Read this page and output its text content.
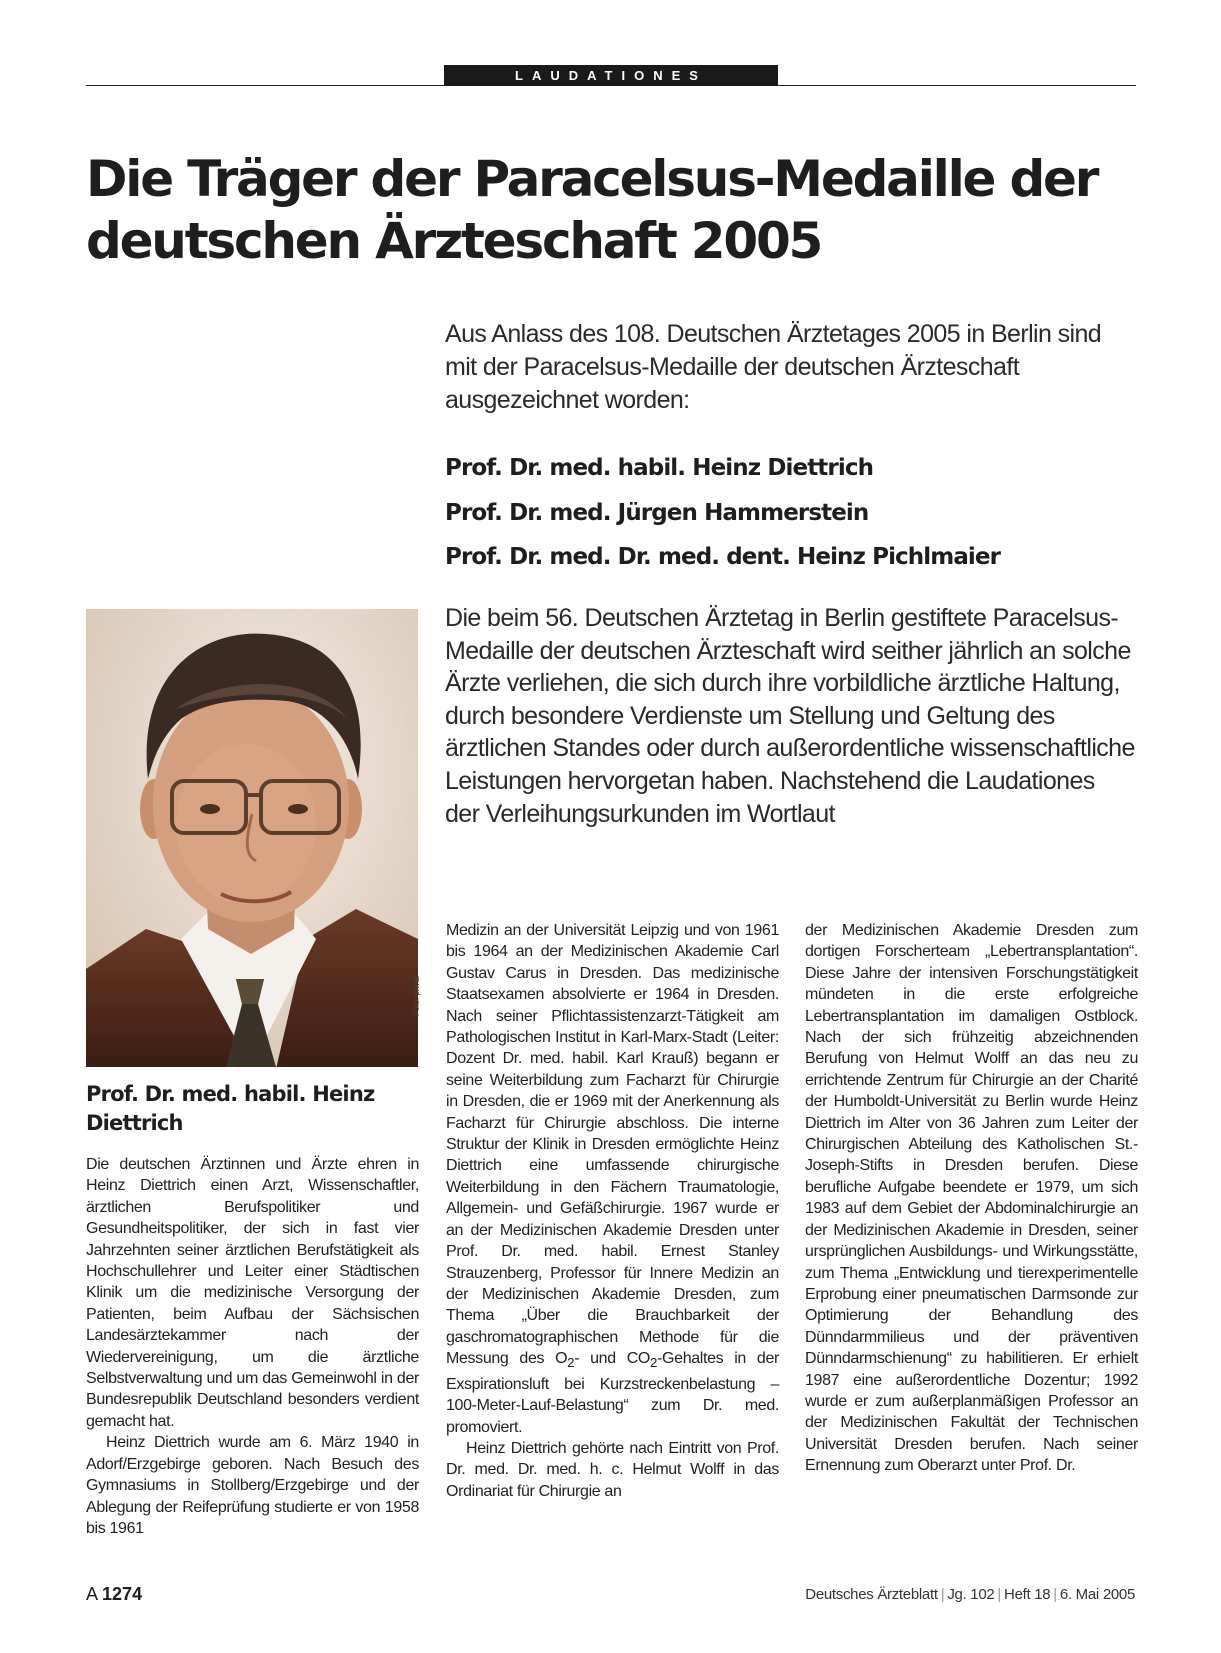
LAUDATIONES
Die Träger der Paracelsus-Medaille der deutschen Ärzteschaft 2005

Aus Anlass des 108. Deutschen Ärztetages 2005 in Berlin sind mit der Paracelsus-Medaille der deutschen Ärzteschaft ausgezeichnet worden:

Prof. Dr. med. habil. Heinz Diettrich
Prof. Dr. med. Jürgen Hammerstein
Prof. Dr. med. Dr. med. dent. Heinz Pichlmaier

Die beim 56. Deutschen Ärztetag in Berlin gestiftete Paracelsus-Medaille der deutschen Ärzteschaft wird seither jährlich an solche Ärzte verliehen, die sich durch ihre vorbildliche ärztliche Haltung, durch besondere Verdienste um Stellung und Geltung des ärztlichen Standes oder durch außerordentliche wissenschaftliche Leistungen hervorgetan haben. Nachstehend die Laudationes der Verleihungsurkunden im Wortlaut

Foto: privat
Prof. Dr. med. habil. Heinz Diettrich

Die deutschen Ärztinnen und Ärzte ehren in Heinz Diettrich einen Arzt, Wissenschaftler, ärztlichen Berufspolitiker und Gesundheitspolitiker, der sich in fast vier Jahrzehnten seiner ärztlichen Berufstätigkeit als Hochschullehrer und Leiter einer Städtischen Klinik um die medizinische Versorgung der Patienten, beim Aufbau der Sächsischen Landesärztekammer nach der Wiedervereinigung, um die ärztliche Selbstverwaltung und um das Gemeinwohl in der Bundesrepublik Deutschland besonders verdient gemacht hat.

Heinz Diettrich wurde am 6. März 1940 in Adorf/Erzgebirge geboren. Nach Besuch des Gymnasiums in Stollberg/Erzgebirge und der Ablegung der Reifeprüfung studierte er von 1958 bis 1961

Medizin an der Universität Leipzig und von 1961 bis 1964 an der Medizinischen Akademie Carl Gustav Carus in Dresden. Das medizinische Staatsexamen absolvierte er 1964 in Dresden. Nach seiner Pflichtassistenzarzt-Tätigkeit am Pathologischen Institut in Karl-Marx-Stadt (Leiter: Dozent Dr. med. habil. Karl Krauß) begann er seine Weiterbildung zum Facharzt für Chirurgie in Dresden, die er 1969 mit der Anerkennung als Facharzt für Chirurgie abschloss. Die interne Struktur der Klinik in Dresden ermöglichte Heinz Diettrich eine umfassende chirurgische Weiterbildung in den Fächern Traumatologie, Allgemein- und Gefäßchirurgie. 1967 wurde er an der Medizinischen Akademie Dresden unter Prof. Dr. med. habil. Ernest Stanley Strauzenberg, Professor für Innere Medizin an der Medizinischen Akademie Dresden, zum Thema „Über die Brauchbarkeit der gaschromatographischen Methode für die Messung des $O_2-$ und $CO_2$-Gehaltes in der Exspirationsluft bei Kurzstreckenbelastung – 100-Meter-Lauf-Belastung“ zum Dr. med. promoviert.

Heinz Diettrich gehörte nach Eintritt von Prof. Dr. med. Dr. med. h. c. Helmut Wolff in das Ordinariat für Chirurgie an

der Medizinischen Akademie Dresden zum dortigen Forscherteam „Lebertransplantation“. Diese Jahre der intensiven Forschungstätigkeit mündeten in die erste erfolgreiche Lebertransplantation im damaligen Ostblock. Nach der sich frühzeitig abzeichnenden Berufung von Helmut Wolff an das neu zu errichtende Zentrum für Chirurgie an der Charité der Humboldt-Universität zu Berlin wurde Heinz Diettrich im Alter von 36 Jahren zum Leiter der Chirurgischen Abteilung des Katholischen St.-Joseph-Stifts in Dresden berufen. Diese berufliche Aufgabe beendete er 1979, um sich 1983 auf dem Gebiet der Abdominalchirurgie an der Medizinischen Akademie in Dresden, seiner ursprünglichen Ausbildungs- und Wirkungsstätte, zum Thema „Entwicklung und tierexperimentelle Erprobung einer pneumatischen Darmsonde zur Optimierung der Behandlung des Dünndarmmilieus und der präventiven Dünndarmschienung“ zu habilitieren. Er erhielt 1987 eine außerordentliche Dozentur; 1992 wurde er zum außerplanmäßigen Professor an der Medizinischen Fakultät der Technischen Universität Dresden berufen. Nach seiner Ernennung zum Oberarzt unter Prof. Dr.

A 1274	Deutsches Ärzteblatt | Jg. 102 | Heft 18 | 6. Mai 2005
